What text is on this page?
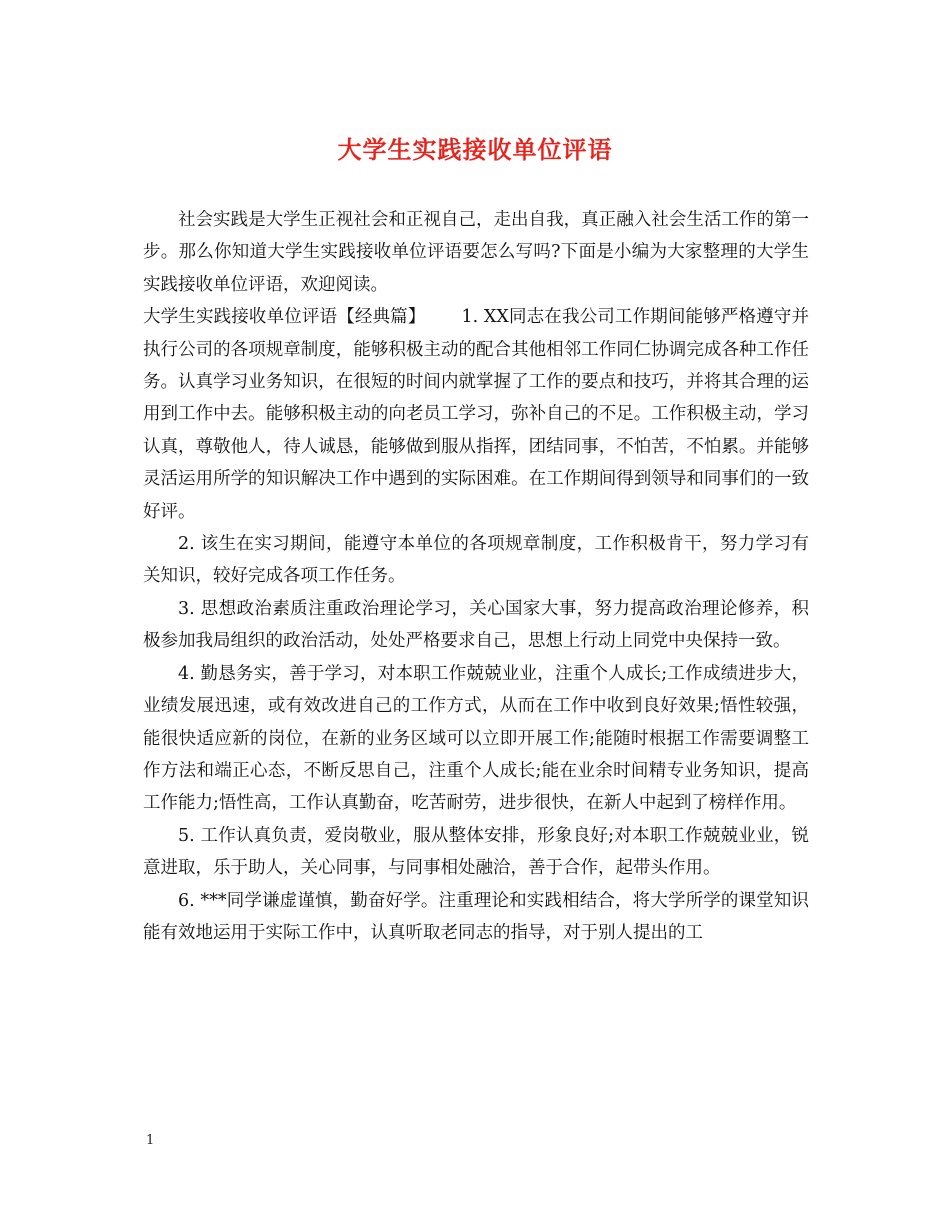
大学生实践接收单位评语

社会实践是大学生正视社会和正视自己，走出自我，真正融入社会生活工作的第一步。那么你知道大学生实践接收单位评语要怎么写吗?下面是小编为大家整理的大学生实践接收单位评语，欢迎阅读。

大学生实践接收单位评语【经典篇】 1. XX同志在我公司工作期间能够严格遵守并执行公司的各项规章制度，能够积极主动的配合其他相邻工作同仁协调完成各种工作任务。认真学习业务知识，在很短的时间内就掌握了工作的要点和技巧，并将其合理的运用到工作中去。能够积极主动的向老员工学习，弥补自己的不足。工作积极主动，学习认真，尊敬他人，待人诚恳，能够做到服从指挥，团结同事，不怕苦，不怕累。并能够灵活运用所学的知识解决工作中遇到的实际困难。在工作期间得到领导和同事们的一致好评。

2. 该生在实习期间，能遵守本单位的各项规章制度，工作积极肯干，努力学习有关知识，较好完成各项工作任务。

3. 思想政治素质注重政治理论学习，关心国家大事，努力提高政治理论修养，积极参加我局组织的政治活动，处处严格要求自己，思想上行动上同党中央保持一致。

4. 勤恳务实，善于学习，对本职工作兢兢业业，注重个人成长;工作成绩进步大，业绩发展迅速，或有效改进自己的工作方式，从而在工作中收到良好效果;悟性较强，能很快适应新的岗位，在新的业务区域可以立即开展工作;能随时根据工作需要调整工作方法和端正心态，不断反思自己，注重个人成长;能在业余时间精专业务知识，提高工作能力;悟性高，工作认真勤奋，吃苦耐劳，进步很快，在新人中起到了榜样作用。

5. 工作认真负责，爱岗敬业，服从整体安排，形象良好;对本职工作兢兢业业，锐意进取，乐于助人，关心同事，与同事相处融洽，善于合作，起带头作用。

6. ***同学谦虚谨慎，勤奋好学。注重理论和实践相结合，将大学所学的课堂知识能有效地运用于实际工作中，认真听取老同志的指导，对于别人提出的工

1
